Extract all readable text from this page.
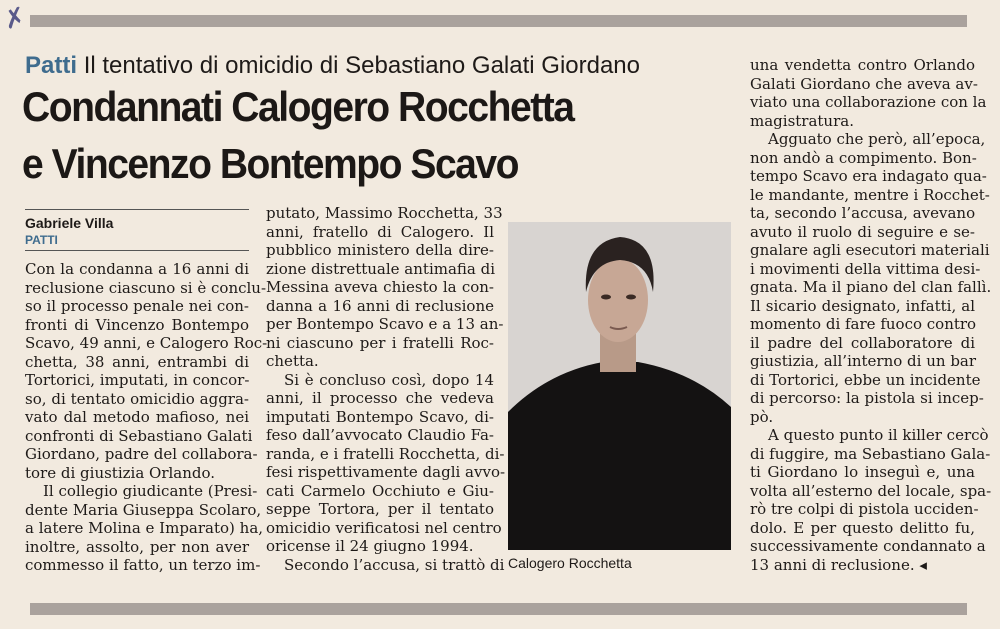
✗
Patti Il tentativo di omicidio di Sebastiano Galati Giordano
Condannati Calogero Rocchetta
e Vincenzo Bontempo Scavo
Gabriele Villa
PATTI
Con la condanna a 16 anni di
reclusione ciascuno si è conclu-
so il processo penale nei con-
fronti di Vincenzo Bontempo
Scavo, 49 anni, e Calogero Roc-
chetta, 38 anni, entrambi di
Tortorici, imputati, in concor-
so, di tentato omicidio aggra-
vato dal metodo mafioso, nei
confronti di Sebastiano Galati
Giordano, padre del collabora-
tore di giustizia Orlando.
Il collegio giudicante (Presi-
dente Maria Giuseppa Scolaro,
a latere Molina e Imparato) ha,
inoltre, assolto, per non aver
commesso il fatto, un terzo im-
putato, Massimo Rocchetta, 33
anni, fratello di Calogero. Il
pubblico ministero della dire-
zione distrettuale antimafia di
Messina aveva chiesto la con-
danna a 16 anni di reclusione
per Bontempo Scavo e a 13 an-
ni ciascuno per i fratelli Roc-
chetta.
Si è concluso così, dopo 14
anni, il processo che vedeva
imputati Bontempo Scavo, di-
feso dall’avvocato Claudio Fa-
randa, e i fratelli Rocchetta, di-
fesi rispettivamente dagli avvo-
cati Carmelo Occhiuto e Giu-
seppe Tortora, per il tentato
omicidio verificatosi nel centro
oricense il 24 giugno 1994.
Secondo l’accusa, si trattò di
una vendetta contro Orlando
Galati Giordano che aveva av-
viato una collaborazione con la
magistratura.
Agguato che però, all’epoca,
non andò a compimento. Bon-
tempo Scavo era indagato qua-
le mandante, mentre i Rocchet-
ta, secondo l’accusa, avevano
avuto il ruolo di seguire e se-
gnalare agli esecutori materiali
i movimenti della vittima desi-
gnata. Ma il piano del clan fallì.
Il sicario designato, infatti, al
momento di fare fuoco contro
il padre del collaboratore di
giustizia, all’interno di un bar
di Tortorici, ebbe un incidente
di percorso: la pistola si incep-
pò.
A questo punto il killer cercò
di fuggire, ma Sebastiano Gala-
ti Giordano lo inseguì e, una
volta all’esterno del locale, spa-
rò tre colpi di pistola ucciden-
dolo. E per questo delitto fu,
successivamente condannato a
13 anni di reclusione. ◂
Calogero Rocchetta
